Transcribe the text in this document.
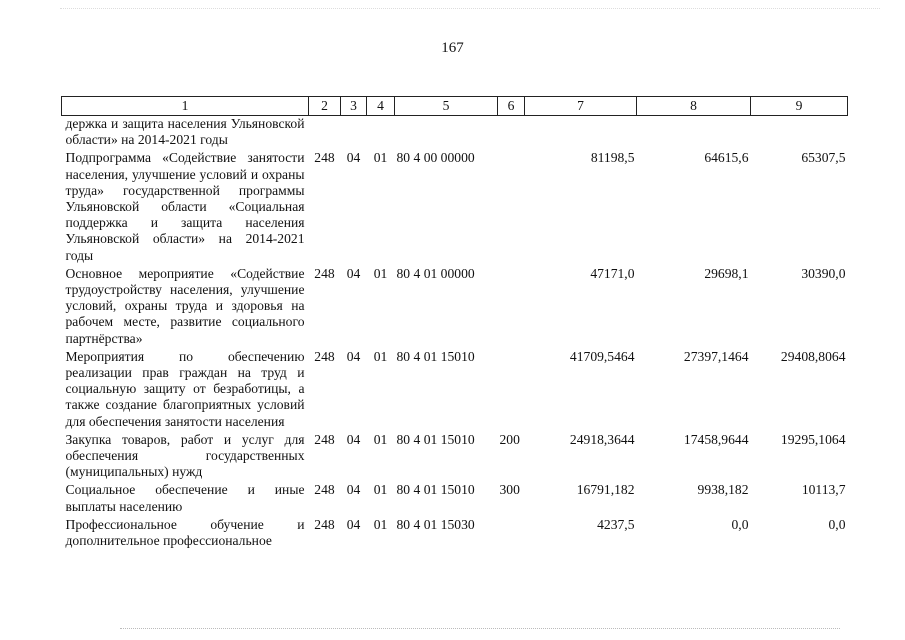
167
1	2	3	4	5	6	7	8	9
держка и защита населения Ульяновской области» на 2014-2021 годы								
Подпрограмма «Содействие занятости населения, улучшение условий и охраны труда» государственной программы Ульяновской области «Социальная поддержка и защита населения Ульяновской области» на 2014-2021 годы	248	04	01	80 4 00 00000		81198,5	64615,6	65307,5
Основное мероприятие «Содействие трудоустройству населения, улучшение условий, охраны труда и здоровья на рабочем месте, развитие социального партнёрства»	248	04	01	80 4 01 00000		47171,0	29698,1	30390,0
Мероприятия по обеспечению реализации прав граждан на труд и социальную защиту от безработицы, а также создание благоприятных условий для обеспечения занятости населения	248	04	01	80 4 01 15010		41709,5464	27397,1464	29408,8064
Закупка товаров, работ и услуг для обеспечения государственных (муниципальных) нужд	248	04	01	80 4 01 15010	200	24918,3644	17458,9644	19295,1064
Социальное обеспечение и иные выплаты населению	248	04	01	80 4 01 15010	300	16791,182	9938,182	10113,7
Профессиональное обучение и дополнительное профессиональное	248	04	01	80 4 01 15030		4237,5	0,0	0,0
